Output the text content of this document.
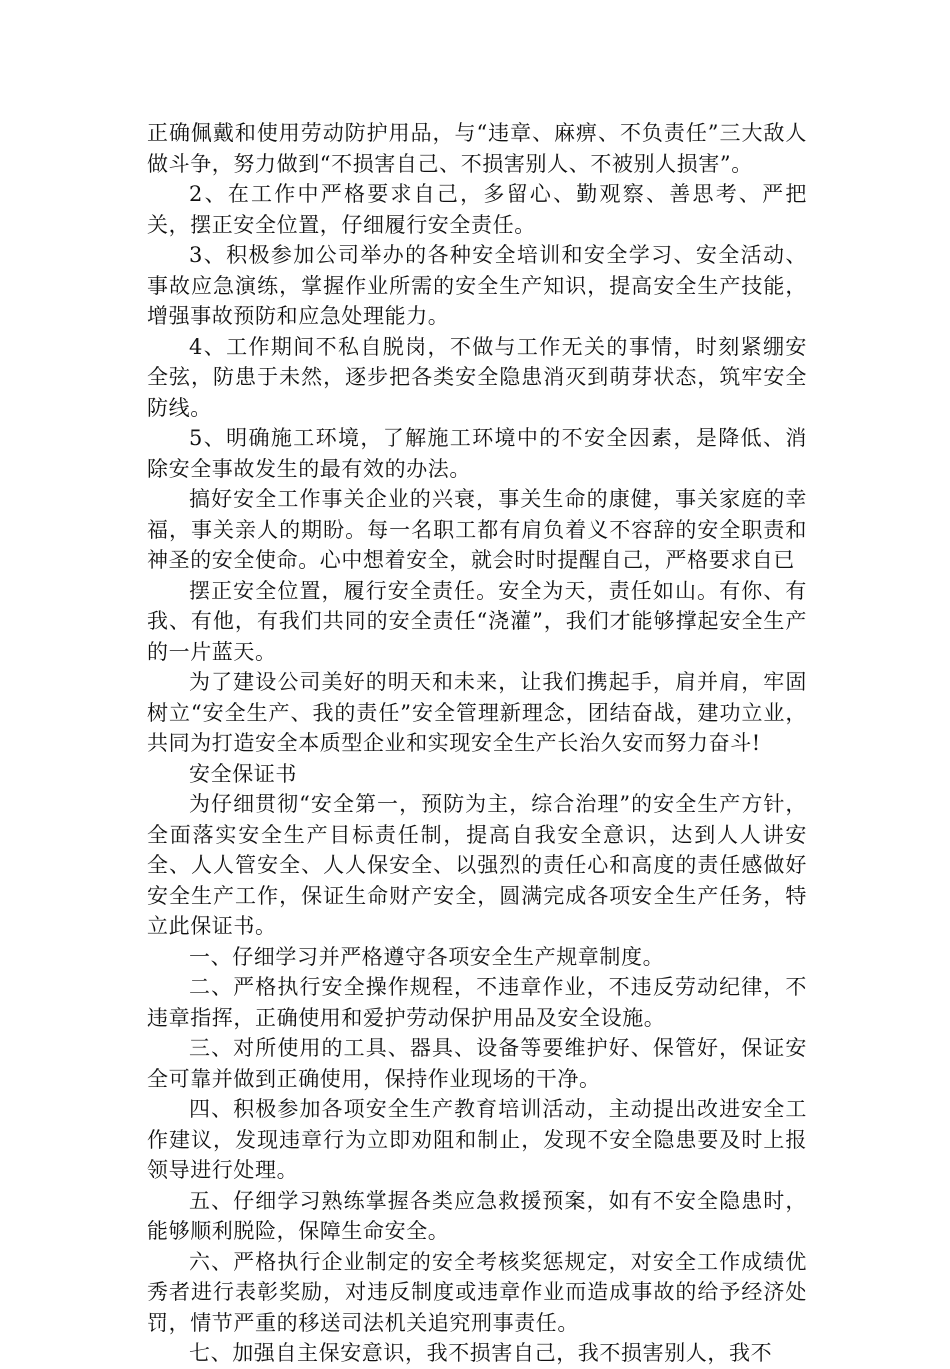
正确佩戴和使用劳动防护用品，与“违章、麻痹、不负责任”三大敌人做斗争，努力做到“不损害自己、不损害别人、不被别人损害”。

2、在工作中严格要求自己，多留心、勤观察、善思考、严把关，摆正安全位置，仔细履行安全责任。

3、积极参加公司举办的各种安全培训和安全学习、安全活动、事故应急演练，掌握作业所需的安全生产知识，提高安全生产技能，增强事故预防和应急处理能力。

4、工作期间不私自脱岗，不做与工作无关的事情，时刻紧绷安全弦，防患于未然，逐步把各类安全隐患消灭到萌芽状态，筑牢安全防线。

5、明确施工环境，了解施工环境中的不安全因素，是降低、消除安全事故发生的最有效的办法。

搞好安全工作事关企业的兴衰，事关生命的康健，事关家庭的幸福，事关亲人的期盼。每一名职工都有肩负着义不容辞的安全职责和神圣的安全使命。心中想着安全，就会时时提醒自己，严格要求自已

摆正安全位置，履行安全责任。安全为天，责任如山。有你、有我、有他，有我们共同的安全责任“浇灌”，我们才能够撑起安全生产的一片蓝天。

为了建设公司美好的明天和未来，让我们携起手，肩并肩，牢固树立“安全生产、我的责任”安全管理新理念，团结奋战，建功立业，共同为打造安全本质型企业和实现安全生产长治久安而努力奋斗!

安全保证书

为仔细贯彻“安全第一，预防为主，综合治理”的安全生产方针，全面落实安全生产目标责任制，提高自我安全意识，达到人人讲安全、人人管安全、人人保安全、以强烈的责任心和高度的责任感做好安全生产工作，保证生命财产安全，圆满完成各项安全生产任务，特立此保证书。

一、仔细学习并严格遵守各项安全生产规章制度。

二、严格执行安全操作规程，不违章作业，不违反劳动纪律，不违章指挥，正确使用和爱护劳动保护用品及安全设施。

三、对所使用的工具、器具、设备等要维护好、保管好，保证安全可靠并做到正确使用，保持作业现场的干净。

四、积极参加各项安全生产教育培训活动，主动提出改进安全工作建议，发现违章行为立即劝阻和制止，发现不安全隐患要及时上报领导进行处理。

五、仔细学习熟练掌握各类应急救援预案，如有不安全隐患时，能够顺利脱险，保障生命安全。

六、严格执行企业制定的安全考核奖惩规定，对安全工作成绩优秀者进行表彰奖励，对违反制度或违章作业而造成事故的给予经济处罚，情节严重的移送司法机关追究刑事责任。

七、加强自主保安意识，我不损害自己，我不损害别人，我不
